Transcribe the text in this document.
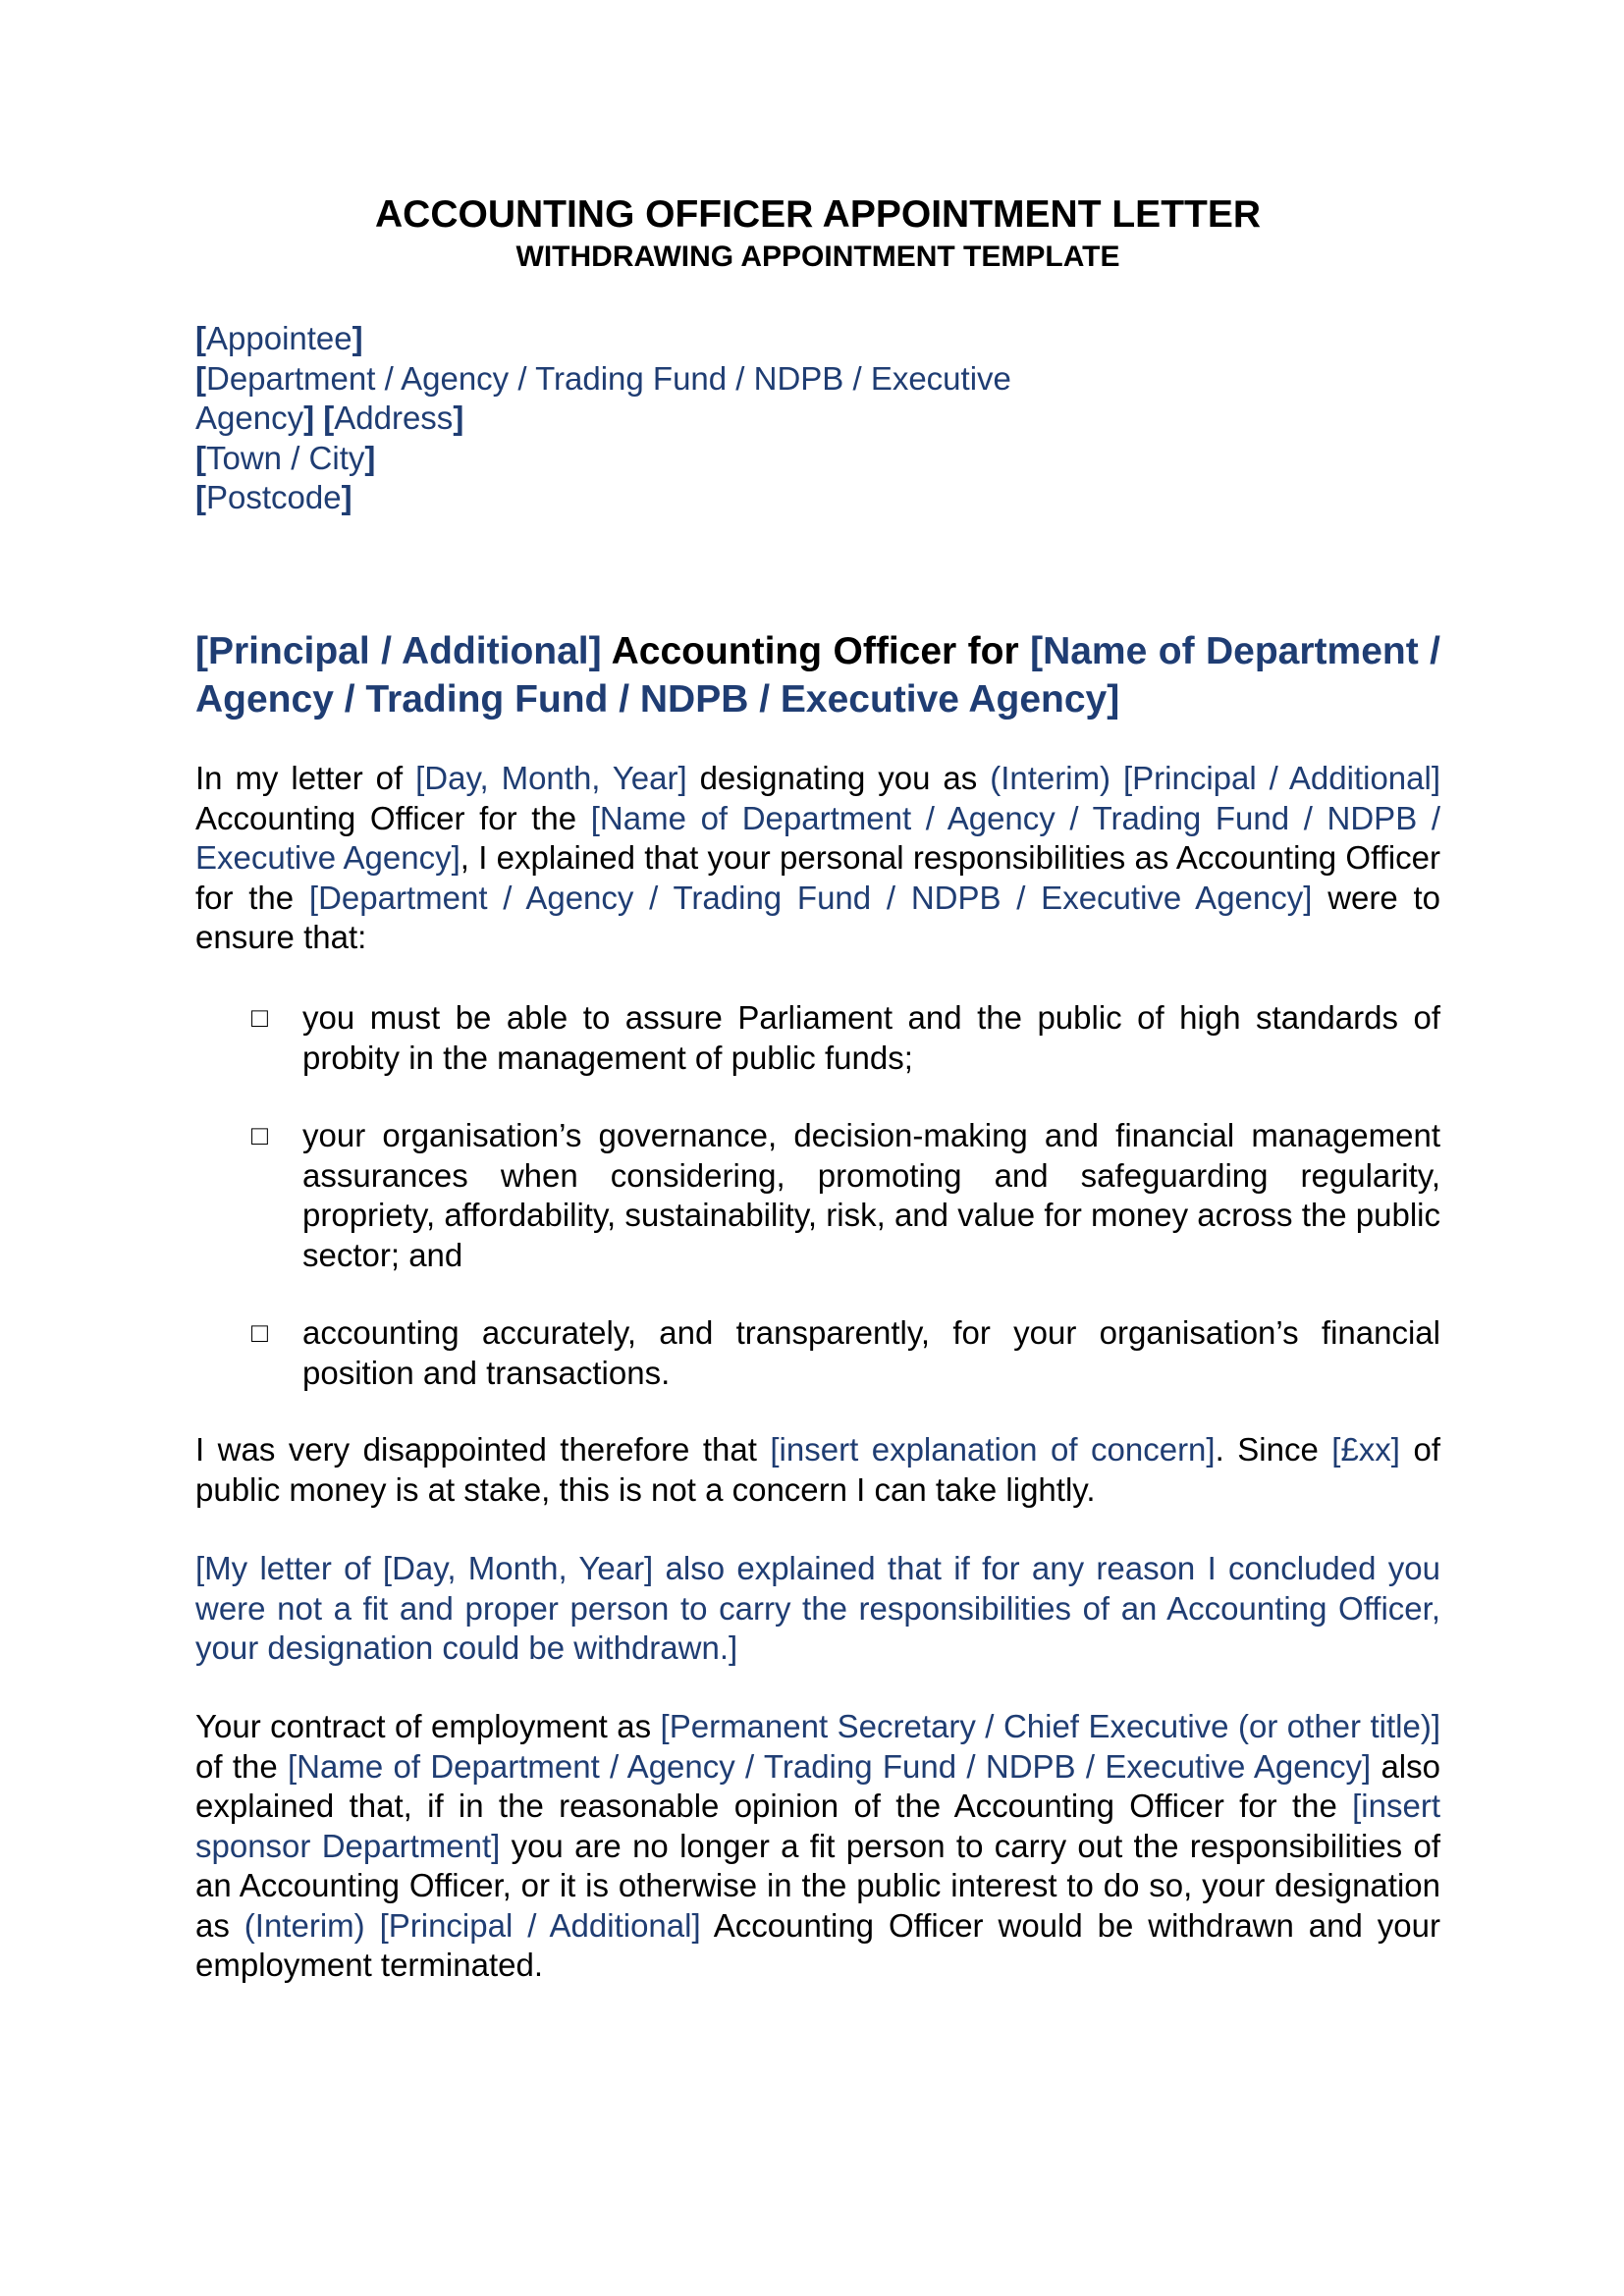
ACCOUNTING OFFICER APPOINTMENT LETTER
WITHDRAWING APPOINTMENT TEMPLATE
[Appointee]
[Department / Agency / Trading Fund / NDPB / Executive
Agency] [Address]
[Town / City]
[Postcode]

[Principal / Additional] Accounting Officer for [Name of Department / Agency / Trading Fund / NDPB / Executive Agency]

In my letter of [Day, Month, Year] designating you as (Interim) [Principal / Additional] Accounting Officer for the [Name of Department / Agency / Trading Fund / NDPB / Executive Agency], I explained that your personal responsibilities as Accounting Officer for the [Department / Agency / Trading Fund / NDPB / Executive Agency] were to ensure that:

□ you must be able to assure Parliament and the public of high standards of probity in the management of public funds;
□ your organisation’s governance, decision-making and financial management assurances when considering, promoting and safeguarding regularity, propriety, affordability, sustainability, risk, and value for money across the public sector; and
□ accounting accurately, and transparently, for your organisation’s financial position and transactions.

I was very disappointed therefore that [insert explanation of concern]. Since [£xx] of public money is at stake, this is not a concern I can take lightly.

[My letter of [Day, Month, Year] also explained that if for any reason I concluded you were not a fit and proper person to carry the responsibilities of an Accounting Officer, your designation could be withdrawn.]

Your contract of employment as [Permanent Secretary / Chief Executive (or other title)] of the [Name of Department / Agency / Trading Fund / NDPB / Executive Agency] also explained that, if in the reasonable opinion of the Accounting Officer for the [insert sponsor Department] you are no longer a fit person to carry out the responsibilities of an Accounting Officer, or it is otherwise in the public interest to do so, your designation as (Interim) [Principal / Additional] Accounting Officer would be withdrawn and your employment terminated.
